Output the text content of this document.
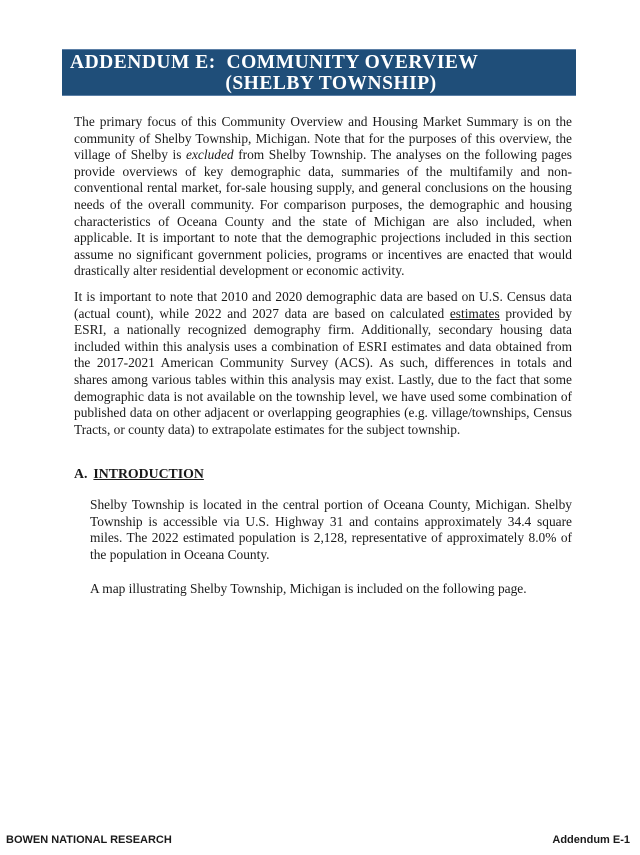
ADDENDUM E:  COMMUNITY OVERVIEW
(SHELBY TOWNSHIP)
The primary focus of this Community Overview and Housing Market Summary is on the community of Shelby Township, Michigan. Note that for the purposes of this overview, the village of Shelby is excluded from Shelby Township. The analyses on the following pages provide overviews of key demographic data, summaries of the multifamily and non-conventional rental market, for-sale housing supply, and general conclusions on the housing needs of the overall community. For comparison purposes, the demographic and housing characteristics of Oceana County and the state of Michigan are also included, when applicable. It is important to note that the demographic projections included in this section assume no significant government policies, programs or incentives are enacted that would drastically alter residential development or economic activity.
It is important to note that 2010 and 2020 demographic data are based on U.S. Census data (actual count), while 2022 and 2027 data are based on calculated estimates provided by ESRI, a nationally recognized demography firm. Additionally, secondary housing data included within this analysis uses a combination of ESRI estimates and data obtained from the 2017-2021 American Community Survey (ACS). As such, differences in totals and shares among various tables within this analysis may exist. Lastly, due to the fact that some demographic data is not available on the township level, we have used some combination of published data on other adjacent or overlapping geographies (e.g. village/townships, Census Tracts, or county data) to extrapolate estimates for the subject township.
A. INTRODUCTION
Shelby Township is located in the central portion of Oceana County, Michigan. Shelby Township is accessible via U.S. Highway 31 and contains approximately 34.4 square miles. The 2022 estimated population is 2,128, representative of approximately 8.0% of the population in Oceana County.
A map illustrating Shelby Township, Michigan is included on the following page.
BOWEN NATIONAL RESEARCH	Addendum E-1
